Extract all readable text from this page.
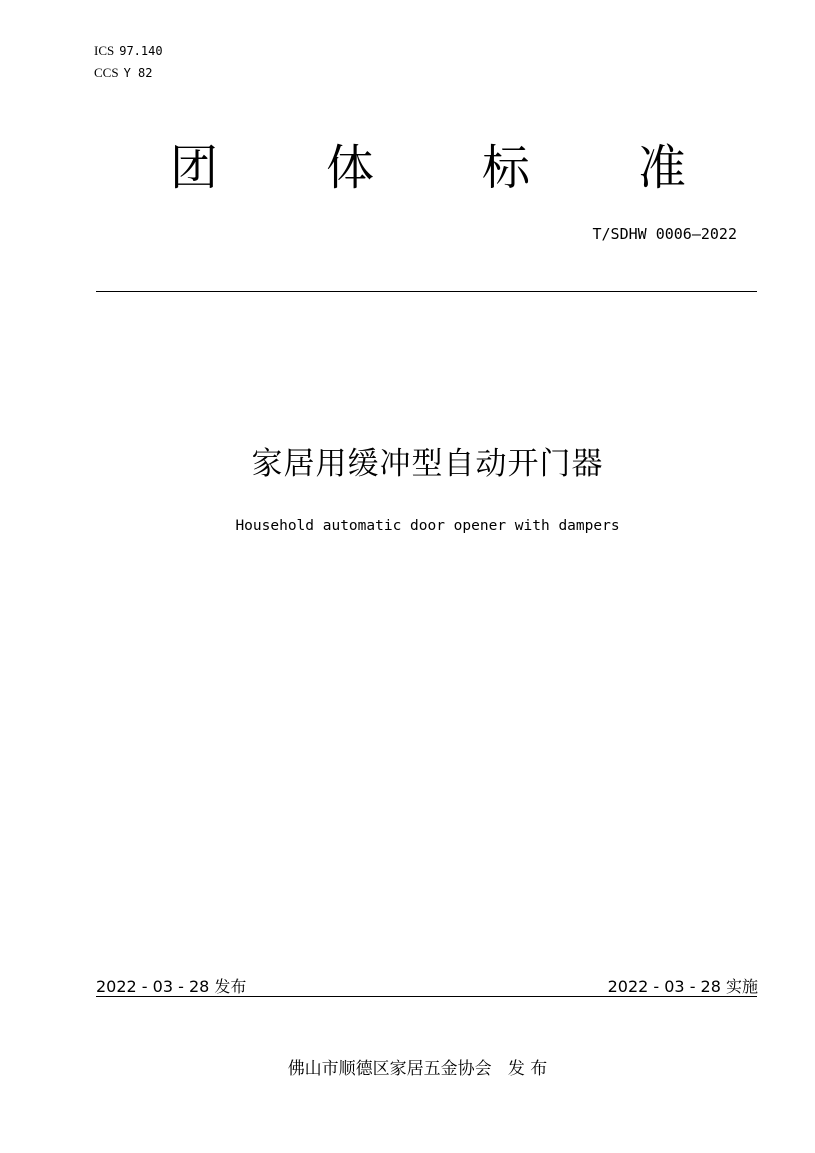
ICS 97.140
CCS Y 82
团 体 标 准
T/SDHW 0006—2022
家居用缓冲型自动开门器
Household automatic door opener with dampers
2022 - 03 - 28 发布	2022 - 03 - 28 实施
佛山市顺德区家居五金协会   发 布
